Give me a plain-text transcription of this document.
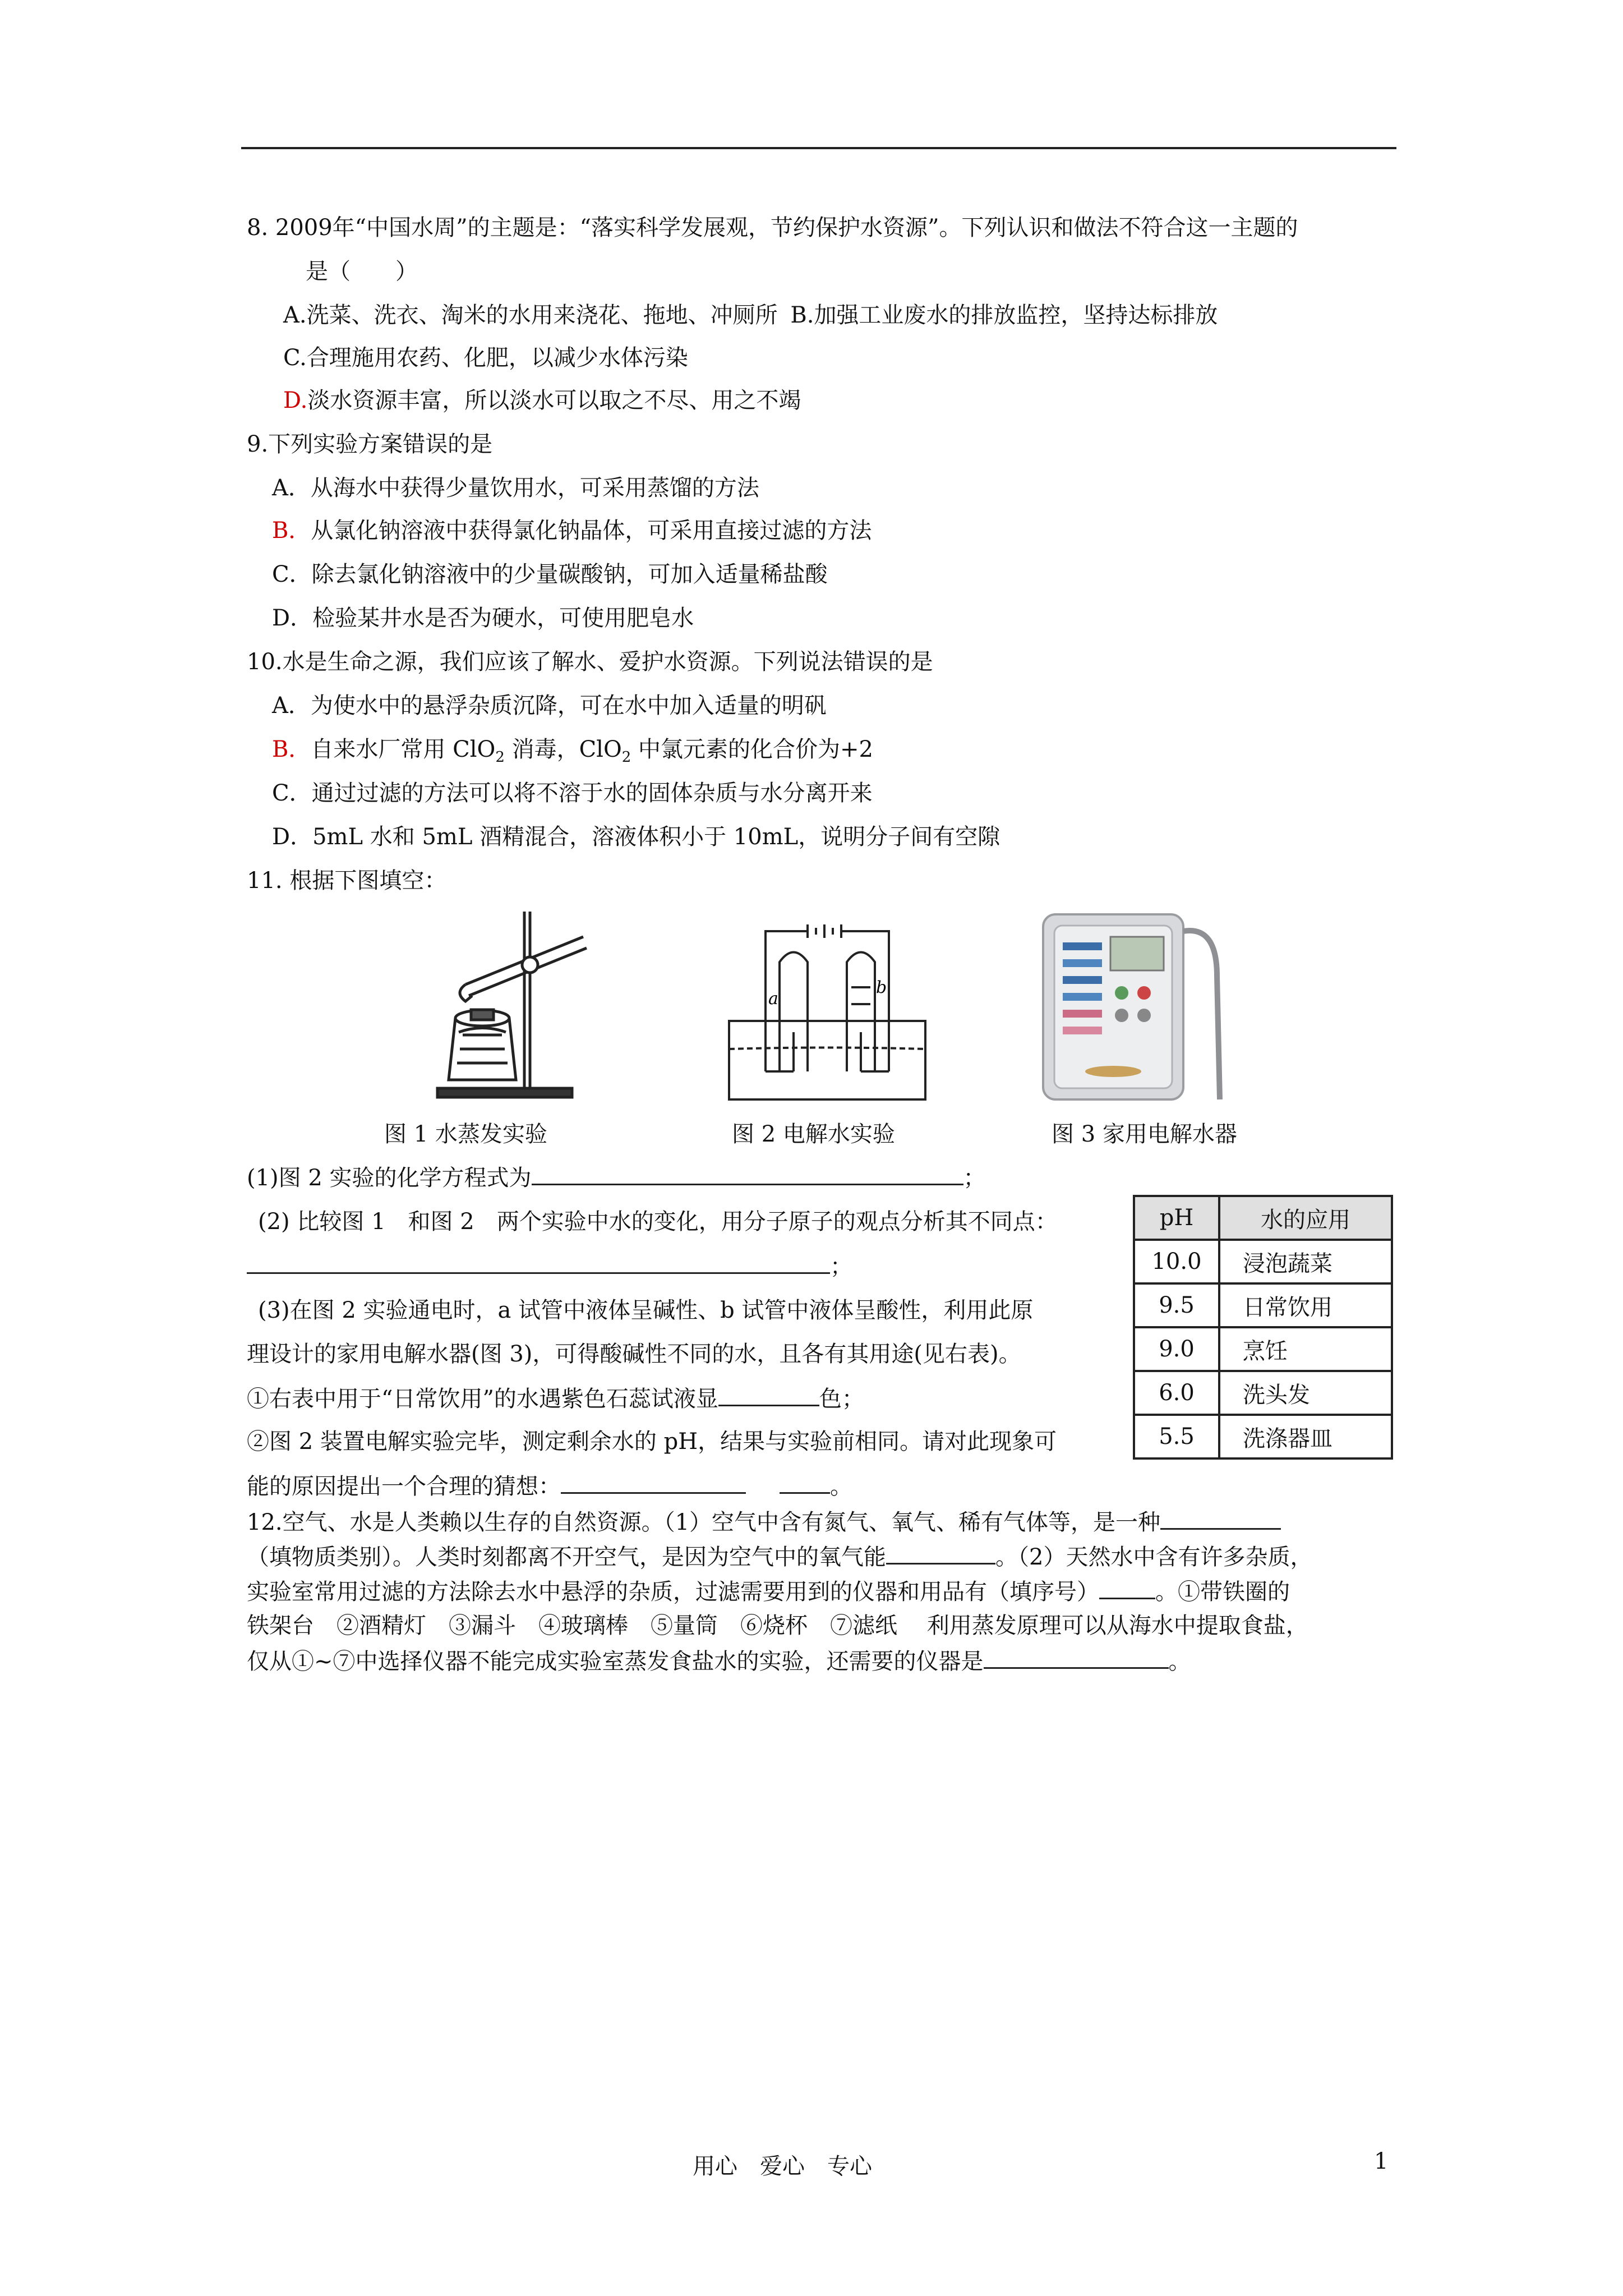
8. 2009年“中国水周”的主题是：“落实科学发展观，节约保护水资源”。下列认识和做法不符合这一主题的
是（　　）
A.洗菜、洗衣、淘米的水用来浇花、拖地、冲厕所 B.加强工业废水的排放监控，坚持达标排放
C.合理施用农药、化肥，以减少水体污染
D.淡水资源丰富，所以淡水可以取之不尽、用之不竭
9.下列实验方案错误的是
A．从海水中获得少量饮用水，可采用蒸馏的方法
B．从氯化钠溶液中获得氯化钠晶体，可采用直接过滤的方法
C．除去氯化钠溶液中的少量碳酸钠，可加入适量稀盐酸
D．检验某井水是否为硬水，可使用肥皂水
10.水是生命之源，我们应该了解水、爱护水资源。下列说法错误的是
A．为使水中的悬浮杂质沉降，可在水中加入适量的明矾
B．自来水厂常用 ClO$_2$ 消毒，ClO$_2$ 中氯元素的化合价为+2
C．通过过滤的方法可以将不溶于水的固体杂质与水分离开来
D．5mL 水和 5mL 酒精混合，溶液体积小于 10mL，说明分子间有空隙
11. 根据下图填空：
a
b
图 1 水蒸发实验	图 2 电解水实验	图 3 家用电解水器
(1)图 2 实验的化学方程式为	；
(2) 比较图 1　和图 2　两个实验中水的变化，用分子原子的观点分析其不同点：
；
(3)在图 2 实验通电时，a 试管中液体呈碱性、b 试管中液体呈酸性，利用此原
理设计的家用电解水器(图 3)，可得酸碱性不同的水，且各有其用途(见右表)。
①右表中用于“日常饮用”的水遇紫色石蕊试液显	色；
②图 2 装置电解实验完毕，测定剩余水的 pH，结果与实验前相同。请对此现象可
能的原因提出一个合理的猜想：	。
pH	水的应用
10.0	浸泡蔬菜
9.5	日常饮用
9.0	烹饪
6.0	洗头发
5.5	洗涤器皿
12.空气、水是人类赖以生存的自然资源。（1）空气中含有氮气、氧气、稀有气体等，是一种
（填物质类别）。人类时刻都离不开空气，是因为空气中的氧气能	。（2）天然水中含有许多杂质，
实验室常用过滤的方法除去水中悬浮的杂质，过滤需要用到的仪器和用品有（填序号）	。①带铁圈的
铁架台　②酒精灯　③漏斗　④玻璃棒　⑤量筒　⑥烧杯　⑦滤纸　 利用蒸发原理可以从海水中提取食盐，
仅从①~⑦中选择仪器不能完成实验室蒸发食盐水的实验，还需要的仪器是	。
用心　爱心　专心	1
